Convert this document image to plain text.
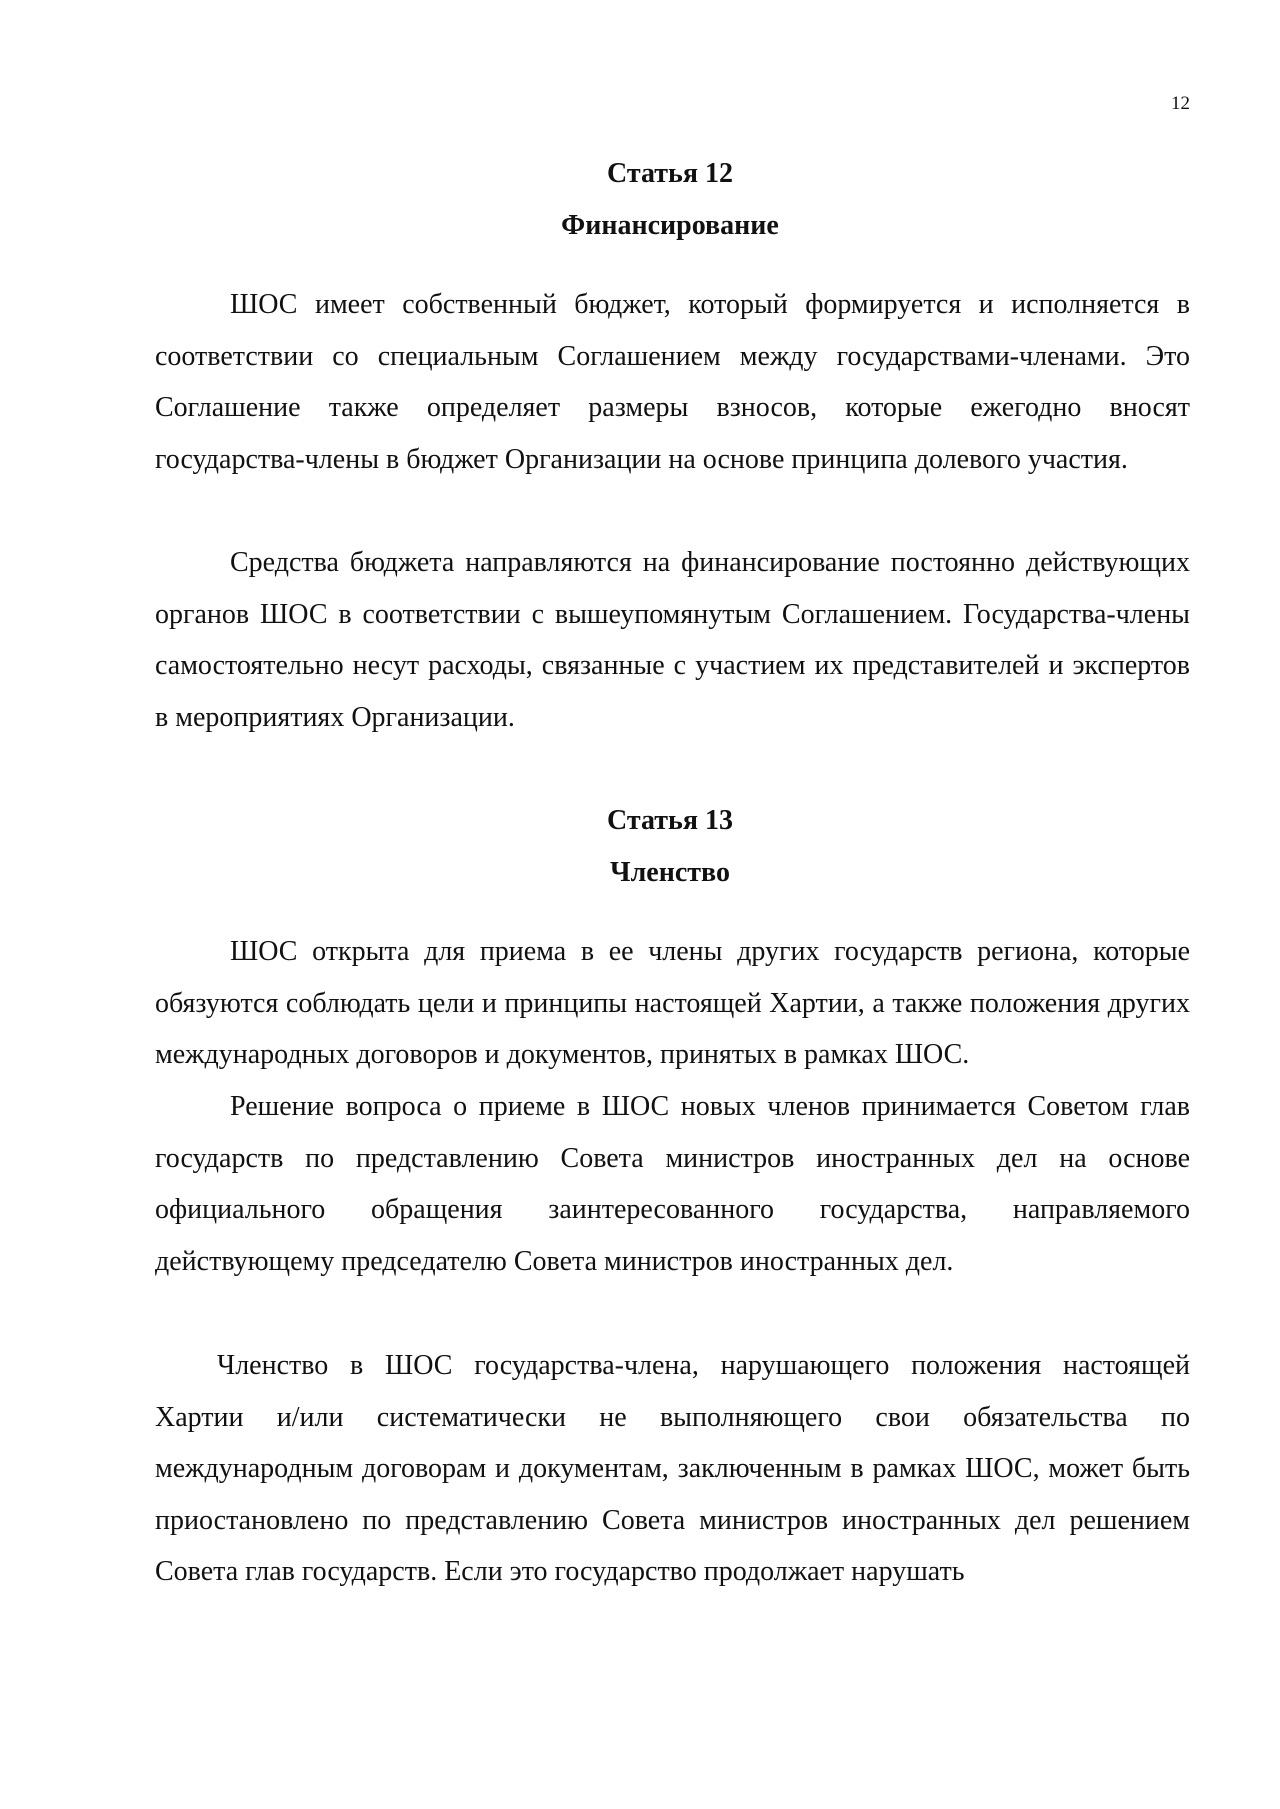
12
Статья 12
Финансирование

ШОС имеет собственный бюджет, который формируется и исполняется в соответствии со специальным Соглашением между государствами-членами. Это Соглашение также определяет размеры взносов, которые ежегодно вносят государства-члены в бюджет Организации на основе принципа долевого участия.

Средства бюджета направляются на финансирование постоянно действующих органов ШОС в соответствии с вышеупомянутым Соглашением. Государства-члены самостоятельно несут расходы, связанные с участием их представителей и экспертов в мероприятиях Организации.

Статья 13
Членство

ШОС открыта для приема в ее члены других государств региона, которые обязуются соблюдать цели и принципы настоящей Хартии, а также положения других международных договоров и документов, принятых в рамках ШОС.

Решение вопроса о приеме в ШОС новых членов принимается Советом глав государств по представлению Совета министров иностранных дел на основе официального обращения заинтересованного государства, направляемого действующему председателю Совета министров иностранных дел.

Членство в ШОС государства-члена, нарушающего положения настоящей Хартии и/или систематически не выполняющего свои обязательства по международным договорам и документам, заключенным в рамках ШОС, может быть приостановлено по представлению Совета министров иностранных дел решением Совета глав государств. Если это государство продолжает нарушать
